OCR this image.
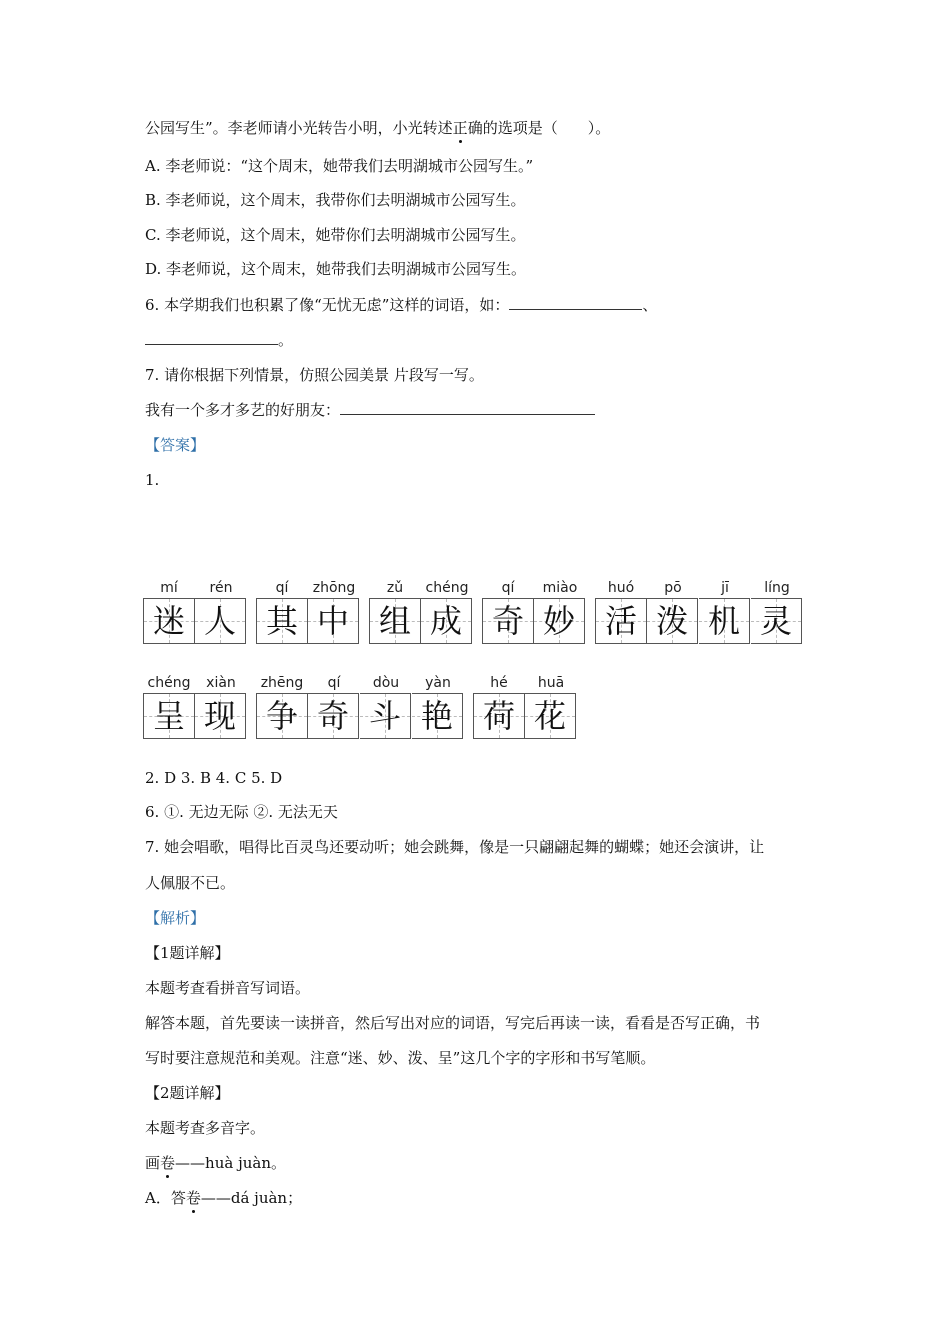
公园写生”。李老师请小光转告小明，小光转述正确的选项是（　　）。
A. 李老师说：“这个周末，她带我们去明湖城市公园写生。”
B. 李老师说，这个周末，我带你们去明湖城市公园写生。
C. 李老师说，这个周末，她带你们去明湖城市公园写生。
D. 李老师说，这个周末，她带我们去明湖城市公园写生。
6. 本学期我们也积累了像“无忧无虑”这样的词语，如：	、
。
7. 请你根据下列情景，仿照公园美景 片段写一写。
我有一个多才多艺的好朋友：
【答案】
1.
mí
迷
rén
人
qí
其
zhōng
中
zǔ
组
chéng
成
qí
奇
miào
妙
huó
活
pō
泼
jī
机
líng
灵
chéng
呈
xiàn
现
zhēng
争
qí
奇
dòu
斗
yàn
艳
hé
荷
huā
花
2. D 3. B 4. C 5. D
6. ①. 无边无际 ②. 无法无天
7. 她会唱歌，唱得比百灵鸟还要动听；她会跳舞，像是一只翩翩起舞的蝴蝶；她还会演讲，让
人佩服不已。
【解析】
【1题详解】
本题考查看拼音写词语。
解答本题，首先要读一读拼音，然后写出对应的词语，写完后再读一读，看看是否写正确，书
写时要注意规范和美观。注意“迷、妙、泼、呈”这几个字的字形和书写笔顺。
【2题详解】
本题考查多音字。
画卷——huà juàn。
A．答卷——dá juàn；
